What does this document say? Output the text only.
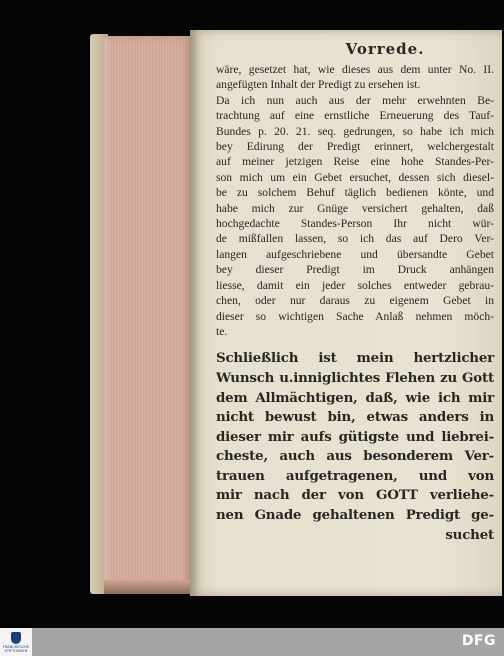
Vorrede.
wäre, gesetzet hat, wie dieses aus dem unter No. II.
angefügten Inhalt der Predigt zu ersehen ist.
Da ich nun auch aus der mehr erwehnten Be-
trachtung auf eine ernstliche Erneuerung des Tauf-
Bundes p. 20. 21. seq. gedrungen, so habe ich mich
bey Edirung der Predigt erinnert, welchergestalt
auf meiner jetzigen Reise eine hohe Standes-Per-
son mich um ein Gebet ersuchet, dessen sich diesel-
be zu solchem Behuf täglich bedienen könte, und
habe mich zur Gnüge versichert gehalten, daß
hochgedachte Standes-Person Ihr nicht wür-
de mißfallen lassen, so ich das auf Dero Ver-
langen aufgeschriebene und übersandte Gebet
bey dieser Predigt im Druck anhängen
liesse, damit ein jeder solches entweder gebrau-
chen, oder nur daraus zu eigenem Gebet in
dieser so wichtigen Sache Anlaß nehmen möch-
te.
Schließlich ist mein hertzlicher
Wunsch u.inniglichtes Flehen zu Gott
dem Allmächtigen, daß, wie ich mir
nicht bewust bin, etwas anders in
dieser mir aufs gütigste und liebrei-
cheste, auch aus besonderem Ver-
trauen aufgetragenen, und von
mir nach der von GOTT verliehe-
nen Gnade gehaltenen Predigt ge-
suchet
FRANCKESCHE STIFTUNGEN
DFG
